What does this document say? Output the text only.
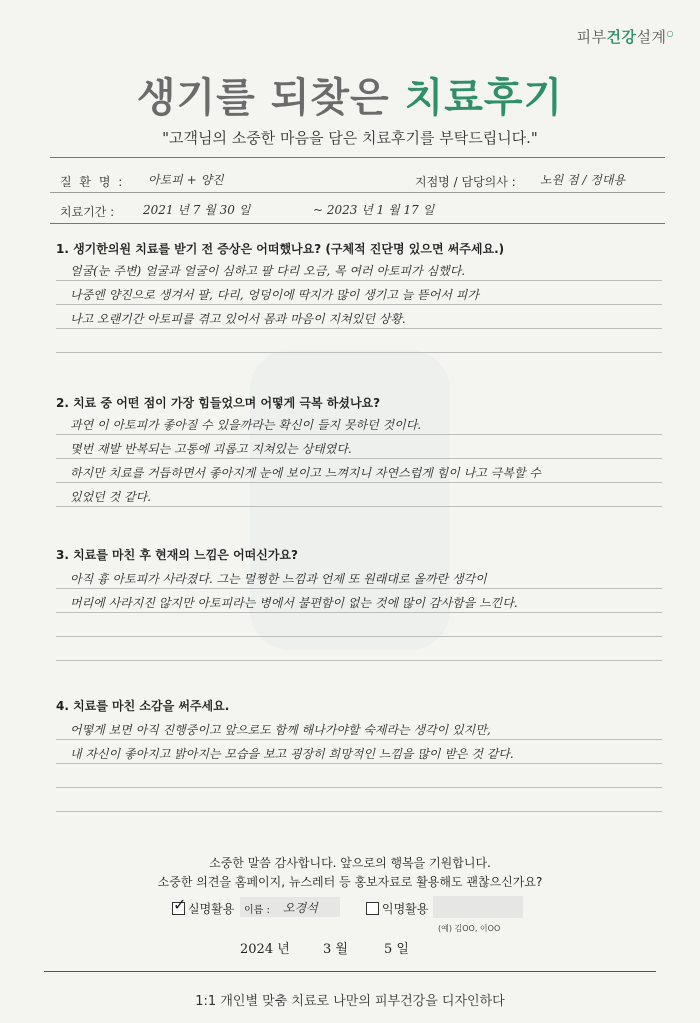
피부건강설계○
생기를 되찾은 치료후기
"고객님의 소중한 마음을 담은 치료후기를 부탁드립니다."
질 환 명 : 아토피 + 양진	지점명 / 담당의사 : 노원 점 / 정대용
치료기간 : 2021 년 7 월 30 일	~ 2023 년 1 월 17 일
1. 생기한의원 치료를 받기 전 증상은 어떠했나요? (구체적 진단명 있으면 써주세요.)
얼굴(눈 주변) 얼굴과 얼굴이 심하고 팔 다리 오금, 목 여러 아토피가 심했다.
나중엔 양진으로 생겨서 팔, 다리, 엉덩이에 딱지가 많이 생기고 늘 뜯어서 피가
나고 오랜기간 아토피를 겪고 있어서 몸과 마음이 지쳐있던 상황.
2. 치료 중 어떤 점이 가장 힘들었으며 어떻게 극복 하셨나요?
과연 이 아토피가 좋아질 수 있을까라는 확신이 들지 못하던 것이다.
몇번 재발 반복되는 고통에 괴롭고 지쳐있는 상태였다.
하지만 치료를 거듭하면서 좋아지게 눈에 보이고 느껴지니 자연스럽게 힘이 나고 극복할 수
있었던 것 같다.
3. 치료를 마친 후 현재의 느낌은 어떠신가요?
아직 흉 아토피가 사라졌다. 그는 멀쩡한 느낌과 언제 또 원래대로 올까란 생각이
머리에 사라지진 않지만 아토피라는 병에서 불편함이 없는 것에 많이 감사함을 느낀다.
4. 치료를 마친 소감을 써주세요.
어떻게 보면 아직 진행중이고 앞으로도 함께 해나가야할 숙제라는 생각이 있지만,
내 자신이 좋아지고 밝아지는 모습을 보고 굉장히 희망적인 느낌을 많이 받은 것 같다.
소중한 말씀 감사합니다. 앞으로의 행복을 기원합니다.
소중한 의견을 홈페이지, 뉴스레터 등 홍보자료로 활용해도 괜찮으신가요?
✓ 실명활용 이름 : 오경석	익명활용
(예) 김OO, 이OO
2024 년	3 월	5 일
1:1 개인별 맞춤 치료로 나만의 피부건강을 디자인하다
